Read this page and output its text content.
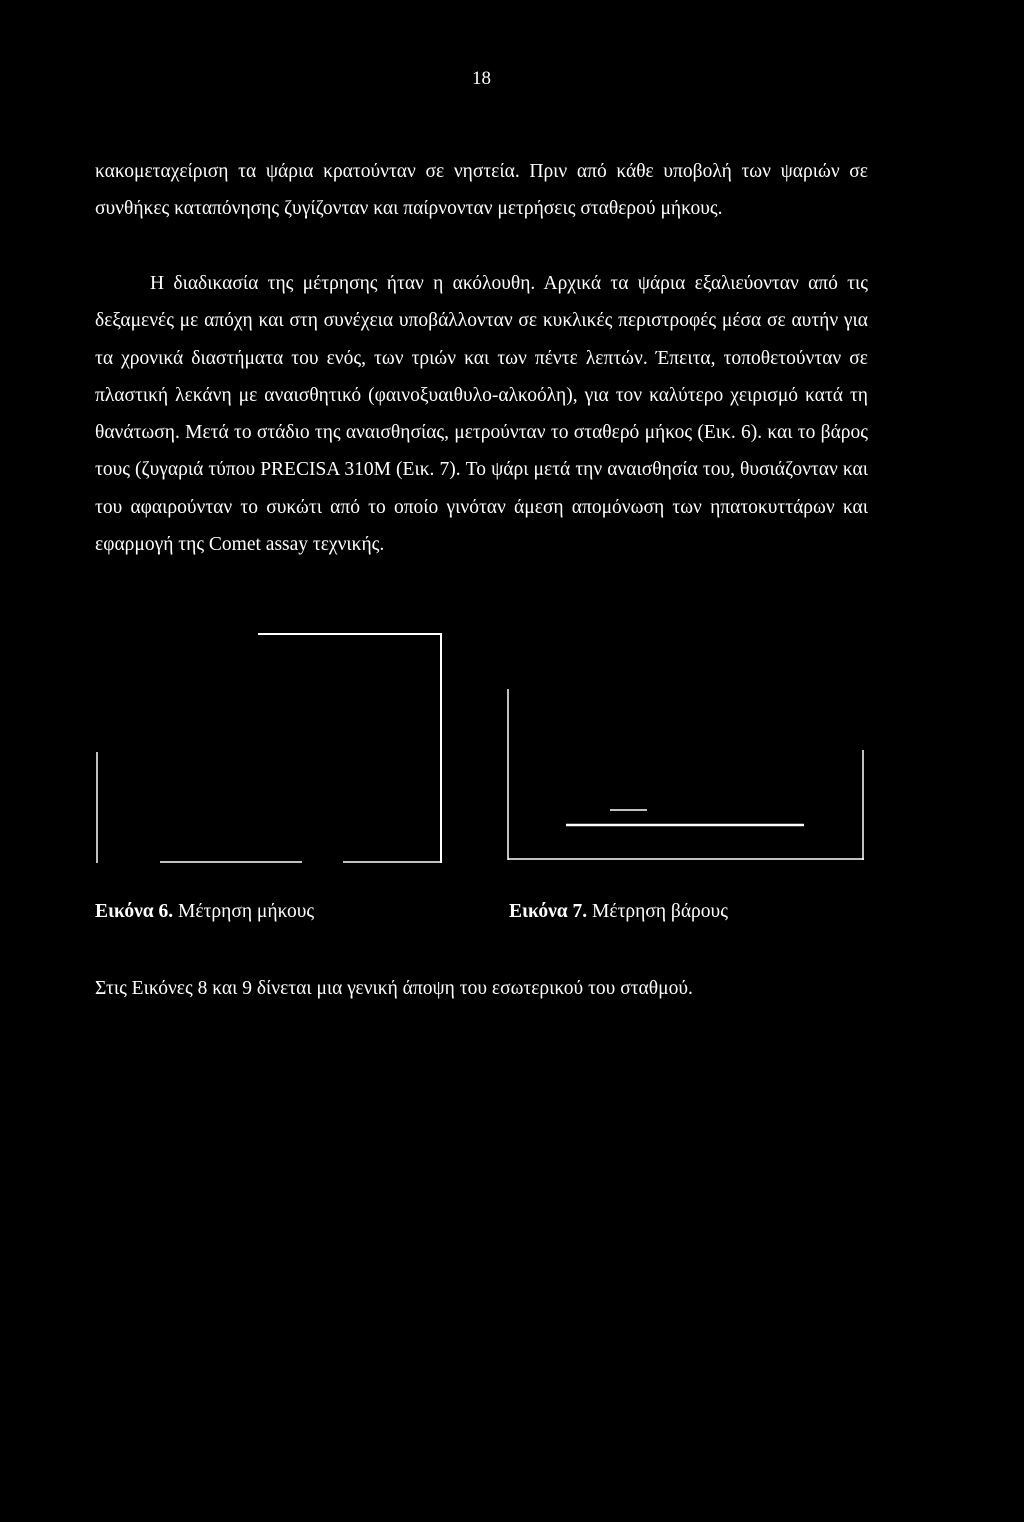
18

κακομεταχείριση τα ψάρια κρατούνταν σε νηστεία. Πριν από κάθε υποβολή των ψαριών σε συνθήκες καταπόνησης ζυγίζονταν και παίρνονταν μετρήσεις σταθερού μήκους.

Η διαδικασία της μέτρησης ήταν η ακόλουθη. Αρχικά τα ψάρια εξαλιεύονταν από τις δεξαμενές με απόχη και στη συνέχεια υποβάλλονταν σε κυκλικές περιστροφές μέσα σε αυτήν για τα χρονικά διαστήματα του ενός, των τριών και των πέντε λεπτών. Έπειτα, τοποθετούνταν σε πλαστική λεκάνη με αναισθητικό (φαινοξυαιθυλο-αλκοόλη), για τον καλύτερο χειρισμό κατά τη θανάτωση. Μετά το στάδιο της αναισθησίας, μετρούνταν το σταθερό μήκος (Εικ. 6). και το βάρος τους (ζυγαριά τύπου PRECISA 310M (Εικ. 7). Το ψάρι μετά την αναισθησία του, θυσιάζονταν και του αφαιρούνταν το συκώτι από το οποίο γινόταν άμεση απομόνωση των ηπατοκυττάρων και εφαρμογή της Comet assay τεχνικής.

Εικόνα 6. Μέτρηση μήκους	Εικόνα 7. Μέτρηση βάρους
Στις Εικόνες 8 και 9 δίνεται μια γενική άποψη του εσωτερικού του σταθμού.
